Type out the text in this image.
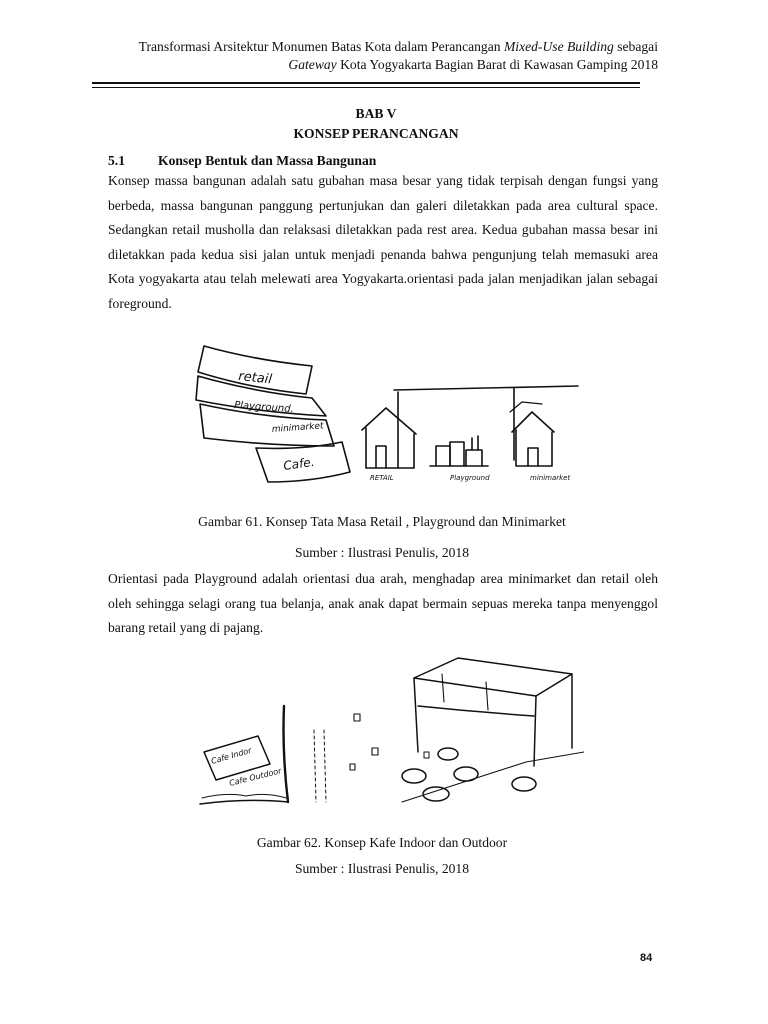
Transformasi Arsitektur Monumen Batas Kota dalam Perancangan Mixed-Use Building sebagai
Gateway Kota Yogyakarta Bagian Barat di Kawasan Gamping 2018
BAB V
KONSEP PERANCANGAN
5.1 Konsep Bentuk dan Massa Bangunan

Konsep massa bangunan adalah satu gubahan masa besar yang tidak terpisah dengan fungsi yang berbeda, massa bangunan panggung pertunjukan dan galeri diletakkan pada area cultural space. Sedangkan retail musholla dan relaksasi diletakkan pada rest area. Kedua gubahan massa besar ini diletakkan pada kedua sisi jalan untuk menjadi penanda bahwa pengunjung telah memasuki area Kota yogyakarta atau telah melewati area Yogyakarta.orientasi pada jalan menjadikan jalan sebagai foreground.

retail
Playground.
minimarket
Cafe.
RETAIL	Playground	minimarket
Gambar 61. Konsep Tata Masa Retail , Playground dan Minimarket
Sumber : Ilustrasi Penulis, 2018

Orientasi pada Playground adalah orientasi dua arah, menghadap area minimarket dan retail oleh oleh sehingga selagi orang tua belanja, anak anak dapat bermain sepuas mereka tanpa menyenggol barang retail yang di pajang.

Cafe Indor
Cafe Outdoor
Gambar 62. Konsep Kafe Indoor dan Outdoor
Sumber : Ilustrasi Penulis, 2018
84
